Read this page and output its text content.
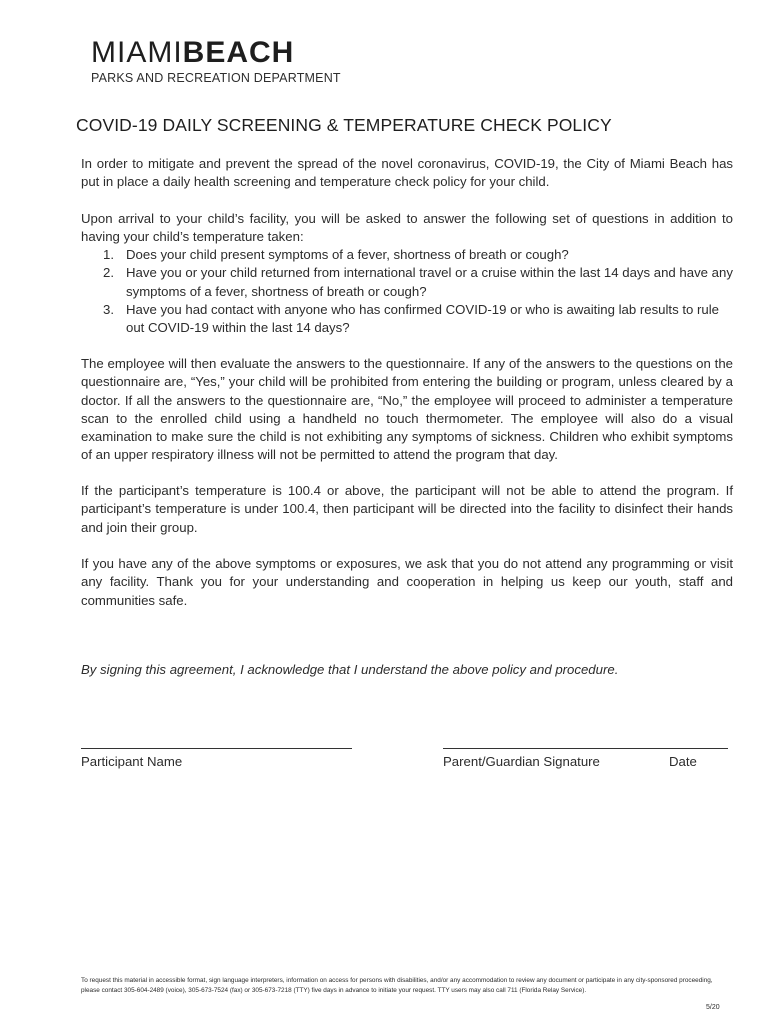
MIAMIBEACH
PARKS AND RECREATION DEPARTMENT
COVID-19 DAILY SCREENING & TEMPERATURE CHECK POLICY

In order to mitigate and prevent the spread of the novel coronavirus, COVID-19, the City of Miami Beach has put in place a daily health screening and temperature check policy for your child.

Upon arrival to your child’s facility, you will be asked to answer the following set of questions in addition to having your child’s temperature taken:

1. Does your child present symptoms of a fever, shortness of breath or cough?
2. Have you or your child returned from international travel or a cruise within the last 14 days and have any symptoms of a fever, shortness of breath or cough?
3. Have you had contact with anyone who has confirmed COVID-19 or who is awaiting lab results to rule out COVID-19 within the last 14 days?

The employee will then evaluate the answers to the questionnaire. If any of the answers to the questions on the questionnaire are, “Yes,” your child will be prohibited from entering the building or program, unless cleared by a doctor. If all the answers to the questionnaire are, “No,” the employee will proceed to administer a temperature scan to the enrolled child using a handheld no touch thermometer. The employee will also do a visual examination to make sure the child is not exhibiting any symptoms of sickness. Children who exhibit symptoms of an upper respiratory illness will not be permitted to attend the program that day.

If the participant’s temperature is 100.4 or above, the participant will not be able to attend the program. If participant’s temperature is under 100.4, then participant will be directed into the facility to disinfect their hands and join their group.

If you have any of the above symptoms or exposures, we ask that you do not attend any programming or visit any facility. Thank you for your understanding and cooperation in helping us keep our youth, staff and communities safe.

By signing this agreement, I acknowledge that I understand the above policy and procedure.
Participant Name	Parent/Guardian Signature	Date

To request this material in accessible format, sign language interpreters, information on access for persons with disabilities, and/or any accommodation to review any document or participate in any city-sponsored proceeding, please contact 305-604-2489 (voice), 305-673-7524 (fax) or 305-673-7218 (TTY) five days in advance to initiate your request. TTY users may also call 711 (Florida Relay Service).

5/20
